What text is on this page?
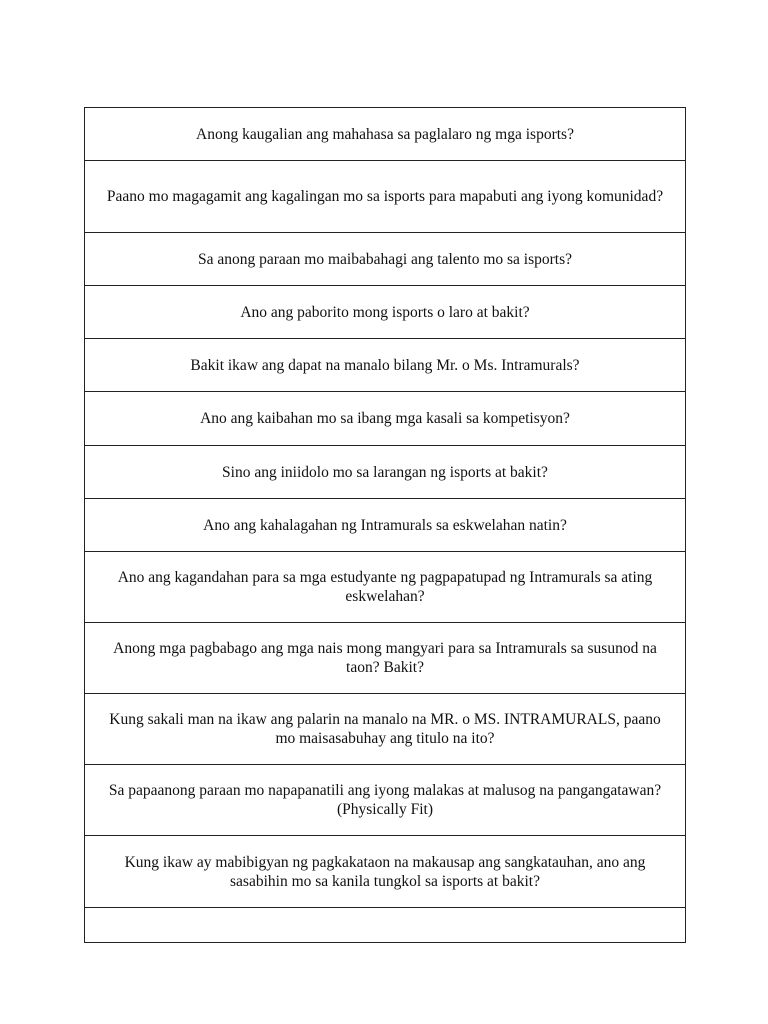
Anong kaugalian ang mahahasa sa paglalaro ng mga isports?
Paano mo magagamit ang kagalingan mo sa isports para mapabuti ang iyong komunidad?
Sa anong paraan mo maibabahagi ang talento mo sa isports?
Ano ang paborito mong isports o laro at bakit?
Bakit ikaw ang dapat na manalo bilang Mr. o Ms. Intramurals?
Ano ang kaibahan mo sa ibang mga kasali sa kompetisyon?
Sino ang iniidolo mo sa larangan ng isports at bakit?
Ano ang kahalagahan ng Intramurals sa eskwelahan natin?
Ano ang kagandahan para sa mga estudyante ng pagpapatupad ng Intramurals sa ating eskwelahan?
Anong mga pagbabago ang mga nais mong mangyari para sa Intramurals sa susunod na taon? Bakit?
Kung sakali man na ikaw ang palarin na manalo na MR. o MS. INTRAMURALS, paano mo maisasabuhay ang titulo na ito?
Sa papaanong paraan mo napapanatili ang iyong malakas at malusog na pangangatawan? (Physically Fit)
Kung ikaw ay mabibigyan ng pagkakataon na makausap ang sangkatauhan, ano ang sasabihin mo sa kanila tungkol sa isports at bakit?
